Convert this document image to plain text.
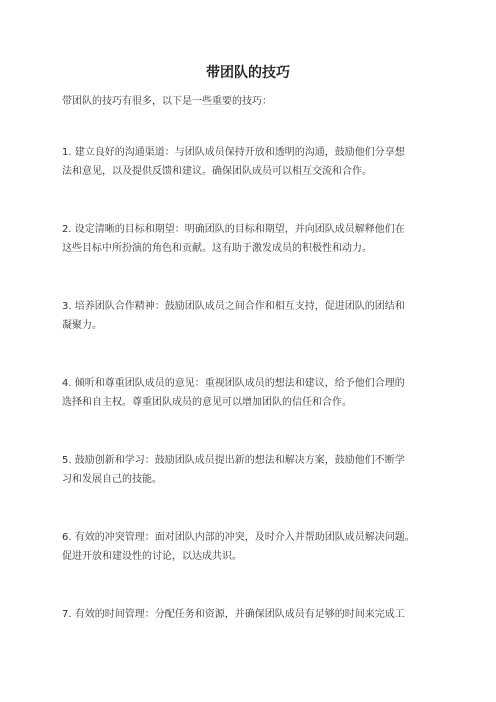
带团队的技巧
带团队的技巧有很多，以下是一些重要的技巧：
1. 建立良好的沟通渠道：与团队成员保持开放和透明的沟通，鼓励他们分享想
法和意见，以及提供反馈和建议。确保团队成员可以相互交流和合作。
2. 设定清晰的目标和期望：明确团队的目标和期望，并向团队成员解释他们在
这些目标中所扮演的角色和贡献。这有助于激发成员的积极性和动力。
3. 培养团队合作精神：鼓励团队成员之间合作和相互支持，促进团队的团结和
凝聚力。
4. 倾听和尊重团队成员的意见：重视团队成员的想法和建议，给予他们合理的
选择和自主权。尊重团队成员的意见可以增加团队的信任和合作。
5. 鼓励创新和学习：鼓励团队成员提出新的想法和解决方案，鼓励他们不断学
习和发展自己的技能。
6. 有效的冲突管理：面对团队内部的冲突，及时介入并帮助团队成员解决问题。
促进开放和建设性的讨论，以达成共识。
7. 有效的时间管理：分配任务和资源，并确保团队成员有足够的时间来完成工
